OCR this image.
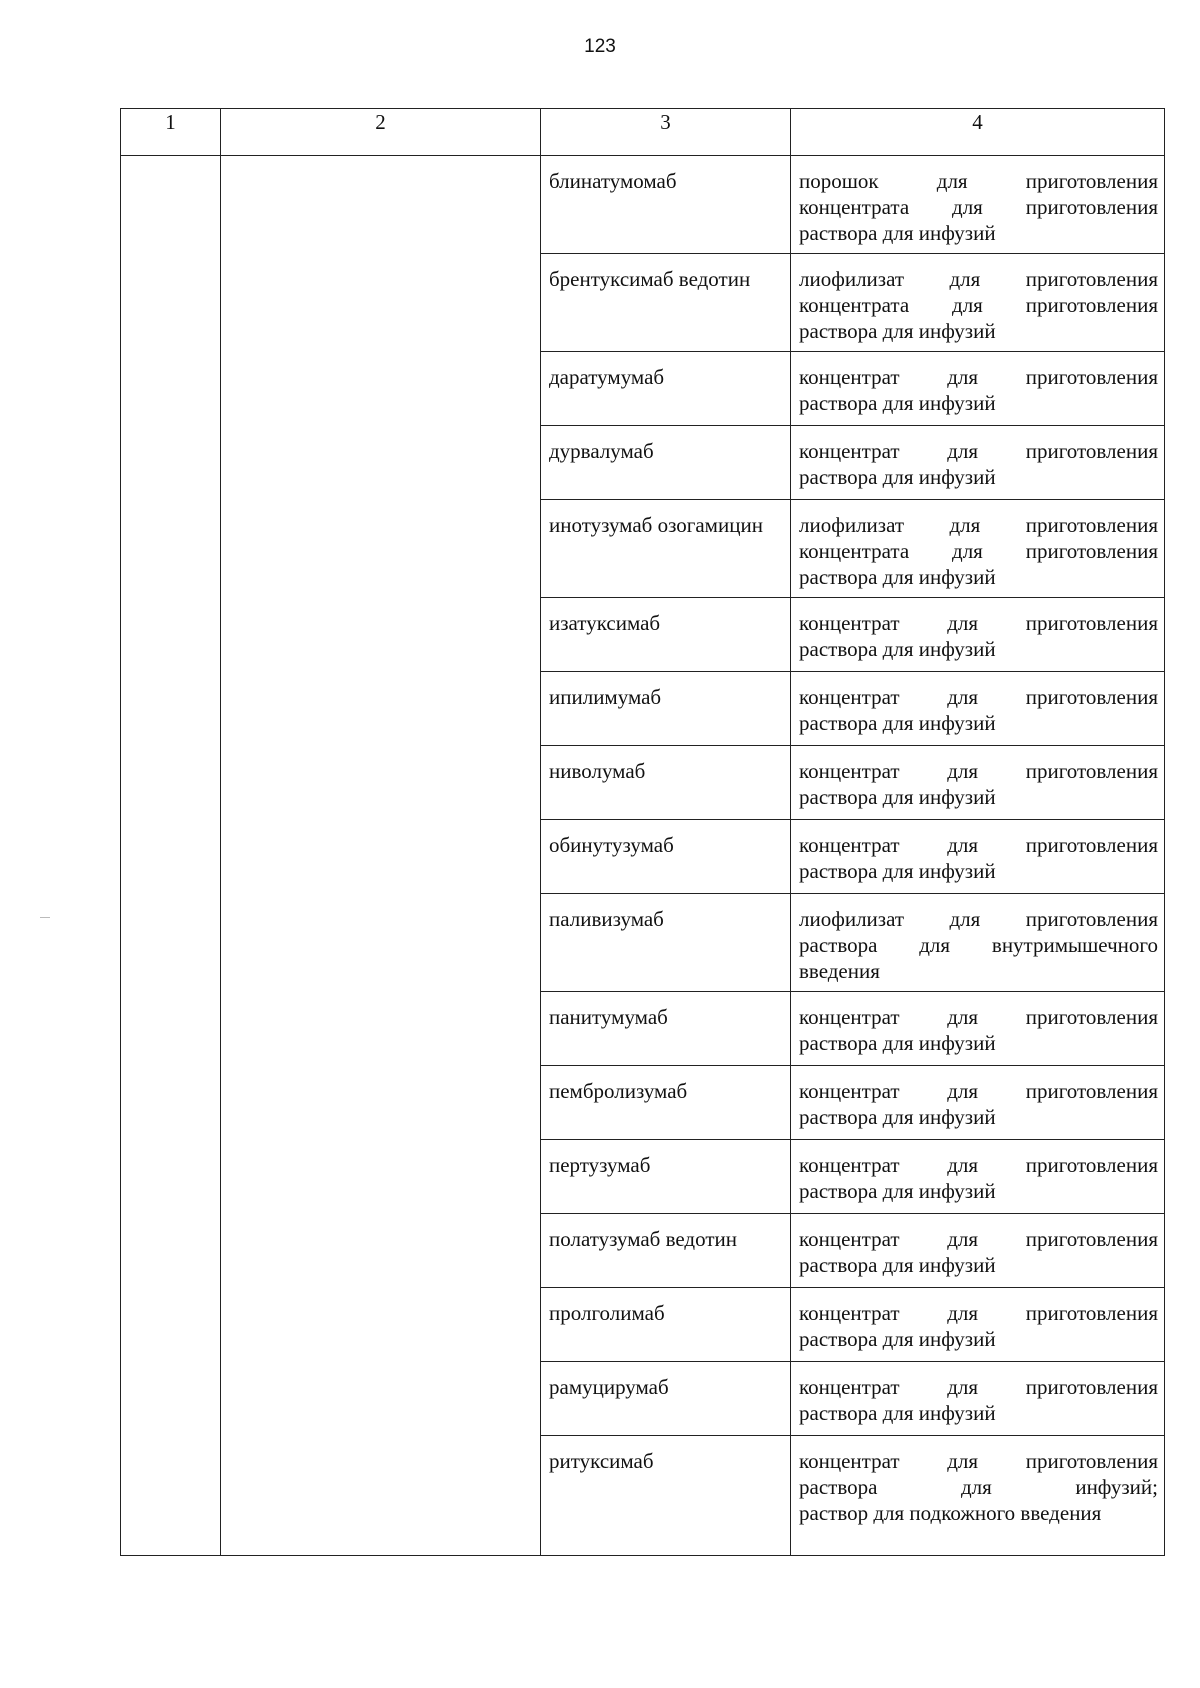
123
1	2	3	4
		блинатумомаб	порошок для приготовления
концентрата для приготовления
раствора для инфузий

		брентуксимаб ведотин	лиофилизат для приготовления
концентрата для приготовления
раствора для инфузий

		даратумумаб	концентрат для приготовления
раствора для инфузий

		дурвалумаб	концентрат для приготовления
раствора для инфузий

		инотузумаб озогамицин	лиофилизат для приготовления
концентрата для приготовления
раствора для инфузий

		изатуксимаб	концентрат для приготовления
раствора для инфузий

		ипилимумаб	концентрат для приготовления
раствора для инфузий

		ниволумаб	концентрат для приготовления
раствора для инфузий

		обинутузумаб	концентрат для приготовления
раствора для инфузий

		паливизумаб	лиофилизат для приготовления
раствора для внутримышечного
введения

		панитумумаб	концентрат для приготовления
раствора для инфузий

		пембролизумаб	концентрат для приготовления
раствора для инфузий

		пертузумаб	концентрат для приготовления
раствора для инфузий

		полатузумаб ведотин	концентрат для приготовления
раствора для инфузий

		пролголимаб	концентрат для приготовления
раствора для инфузий

		рамуцирумаб	концентрат для приготовления
раствора для инфузий

		ритуксимаб	концентрат для приготовления
раствора для инфузий;
раствор для подкожного введения
